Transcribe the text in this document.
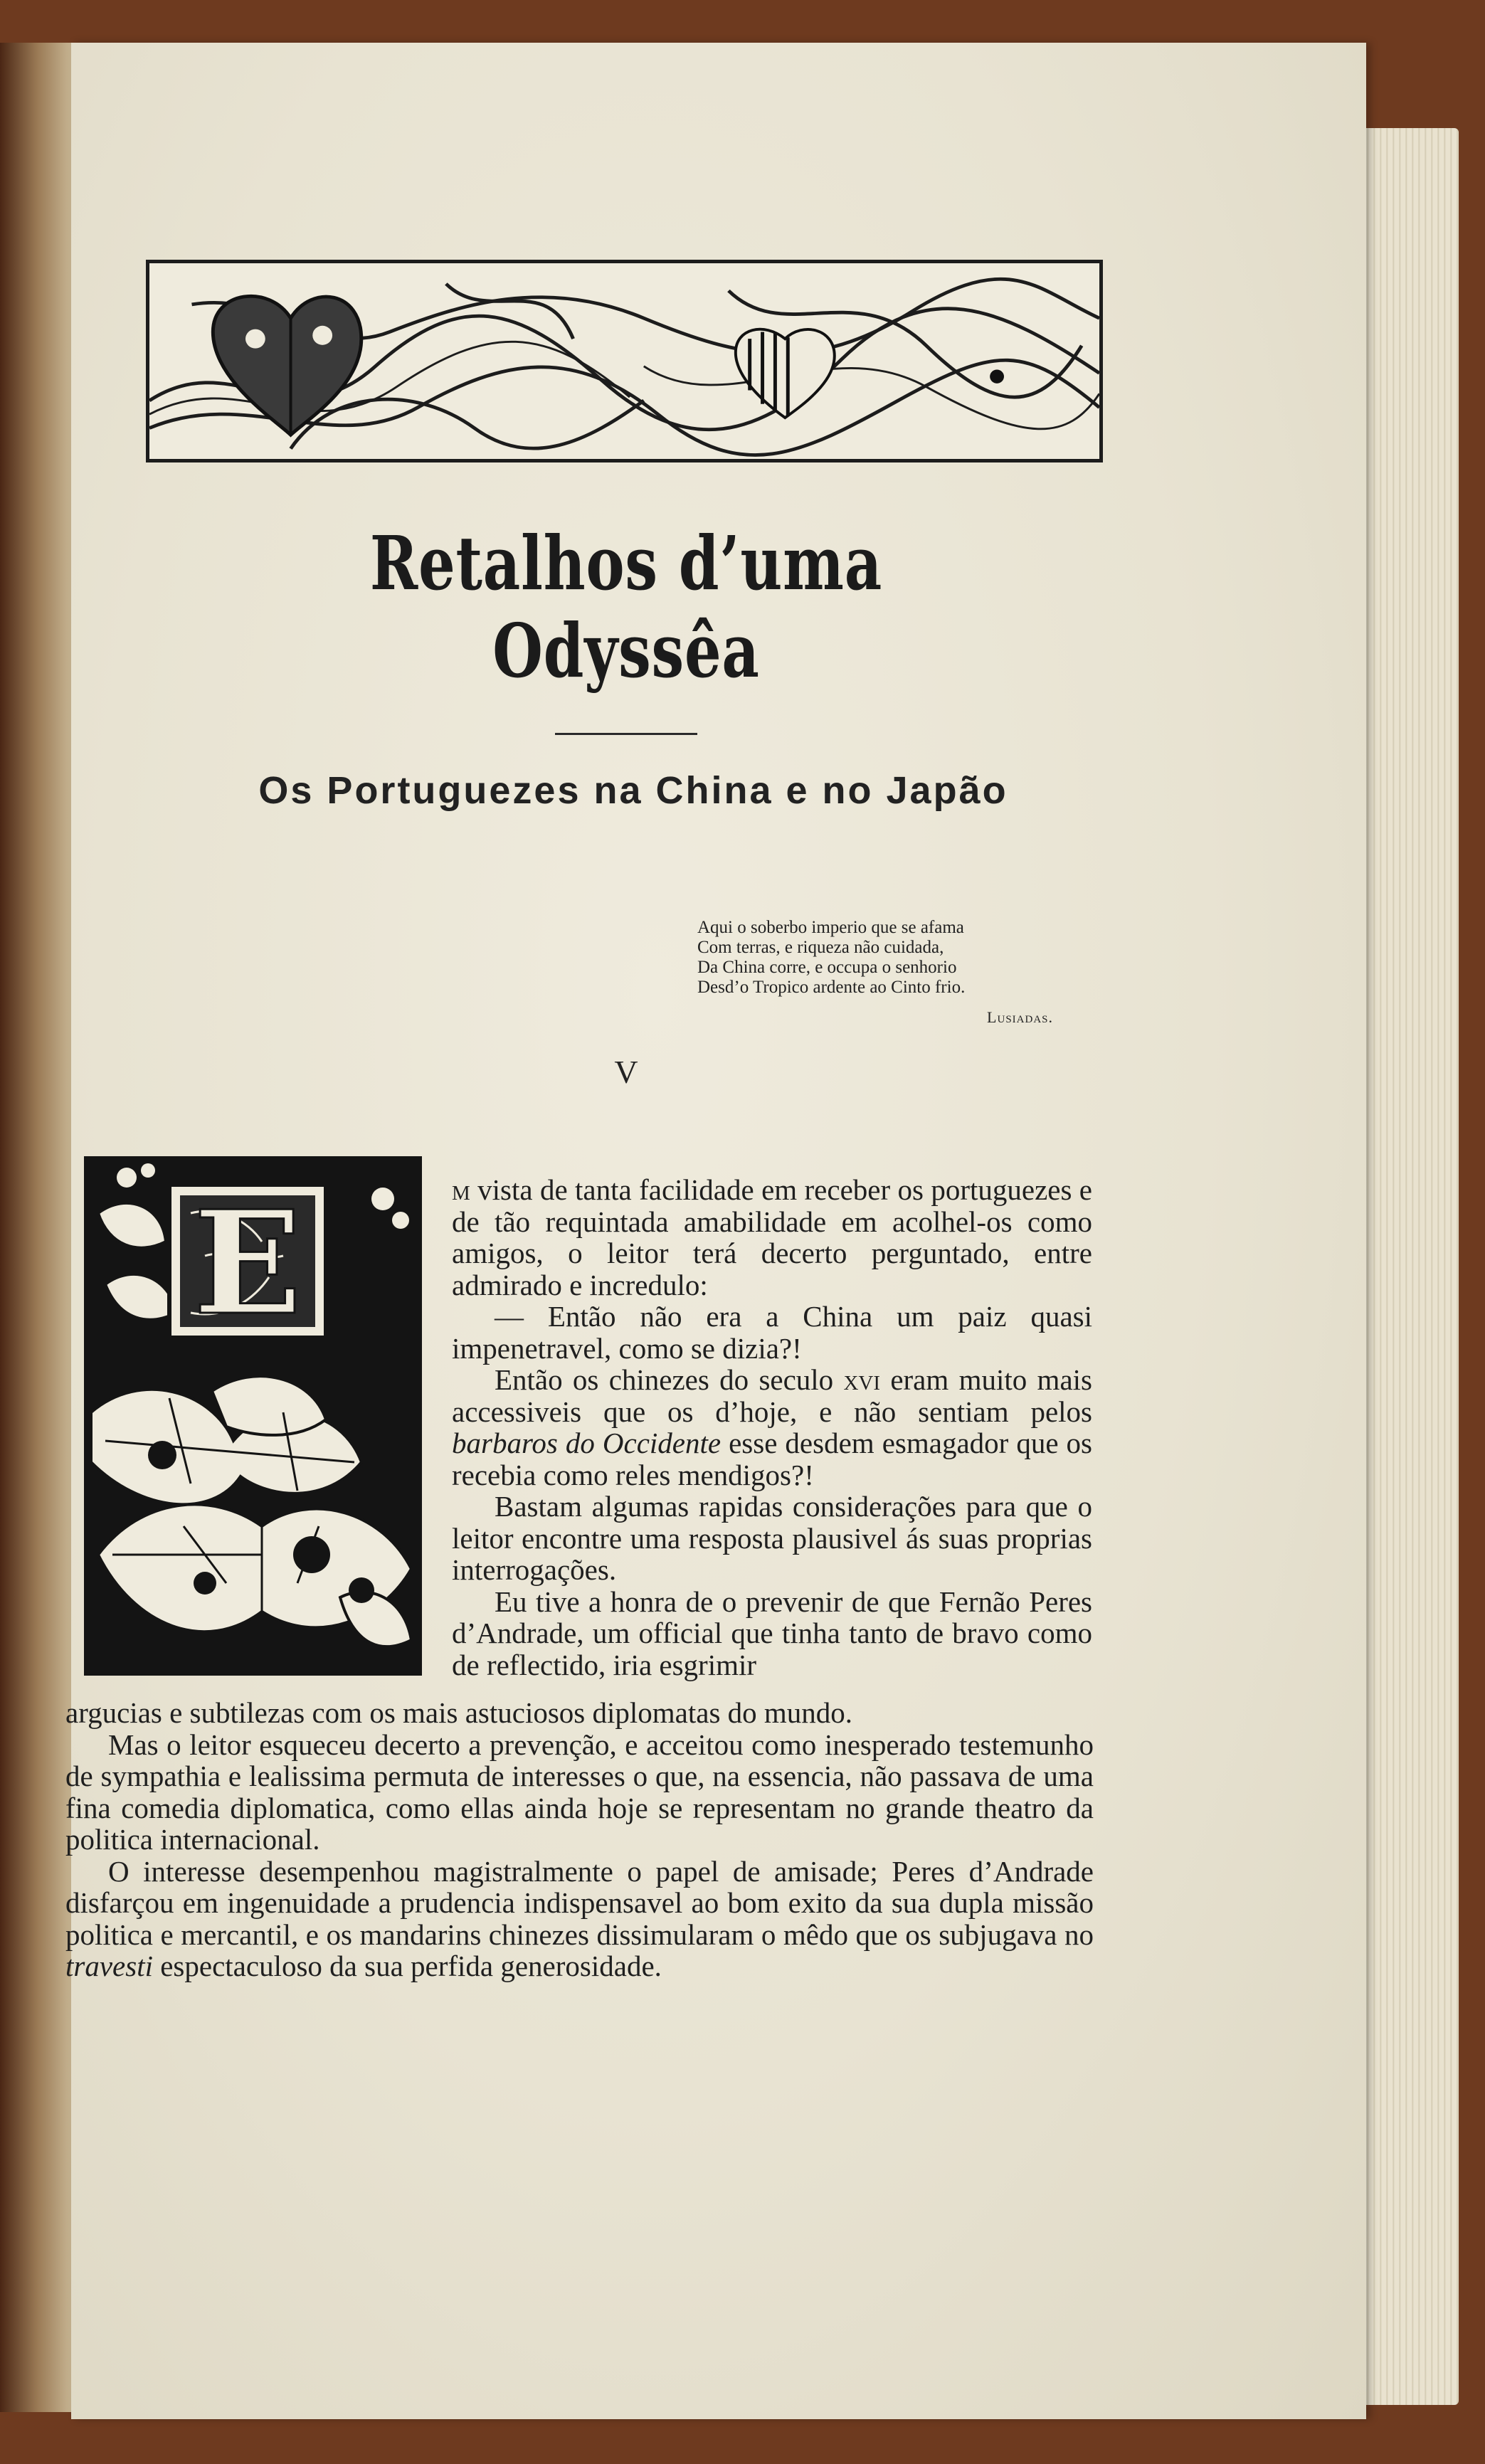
Retalhos d’uma Odyssêa
Os Portuguezes na China e no Japão
Aqui o soberbo imperio que se afama
Com terras, e riqueza não cuidada,
Da China corre, e occupa o senhorio
Desd’o Tropico ardente ao Cinto frio.
Lusiadas.
V
E	m vista de tanta facilidade em receber os portuguezes e de tão requintada amabilidade em acolhel-os como amigos, o leitor terá decerto perguntado, entre admirado e incredulo:

— Então não era a China um paiz quasi impenetravel, como se dizia?!

Então os chinezes do seculo xvi eram muito mais accessiveis que os d’hoje, e não sentiam pelos barbaros do Occidente esse desdem esmagador que os recebia como reles mendigos?!

Bastam algumas rapidas considerações para que o leitor encontre uma resposta plausivel ás suas proprias interrogações.

Eu tive a honra de o prevenir de que Fernão Peres d’Andrade, um official que tinha tanto de bravo como de reflectido, iria esgrimir

argucias e subtilezas com os mais astuciosos diplomatas do mundo.

Mas o leitor esqueceu decerto a prevenção, e acceitou como inesperado testemunho de sympathia e lealissima permuta de interesses o que, na essencia, não passava de uma fina comedia diplomatica, como ellas ainda hoje se representam no grande theatro da politica internacional.

O interesse desempenhou magistralmente o papel de amisade; Peres d’Andrade disfarçou em ingenuidade a prudencia indispensavel ao bom exito da sua dupla missão politica e mercantil, e os mandarins chinezes dissimularam o mêdo que os subjugava no travesti espectaculoso da sua perfida generosidade.
